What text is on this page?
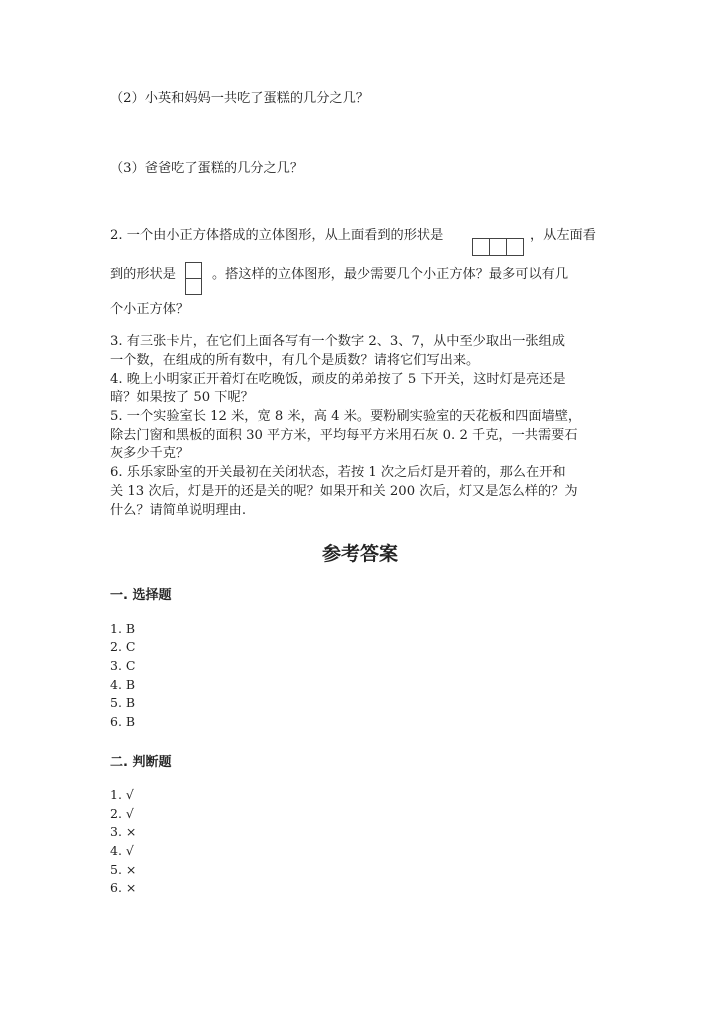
（2）小英和妈妈一共吃了蛋糕的几分之几？
（3）爸爸吃了蛋糕的几分之几？
2. 一个由小正方体搭成的立体图形，从上面看到的形状是	，从左面看
到的形状是	。搭这样的立体图形，最少需要几个小正方体？最多可以有几
个小正方体？
3. 有三张卡片，在它们上面各写有一个数字 2、3、7，从中至少取出一张组成
一个数，在组成的所有数中，有几个是质数？请将它们写出来。
4. 晚上小明家正开着灯在吃晚饭，顽皮的弟弟按了 5 下开关，这时灯是亮还是
暗？如果按了 50 下呢？
5. 一个实验室长 12 米，宽 8 米，高 4 米。要粉刷实验室的天花板和四面墙壁，
除去门窗和黑板的面积 30 平方米，平均每平方米用石灰 0. 2 千克，一共需要石
灰多少千克？
6. 乐乐家卧室的开关最初在关闭状态，若按 1 次之后灯是开着的，那么在开和
关 13 次后，灯是开的还是关的呢？如果开和关 200 次后，灯又是怎么样的？为
什么？请简单说明理由.
参考答案
一. 选择题
1. B
2. C
3. C
4. B
5. B
6. B
二. 判断题
1. √
2. √
3. ×
4. √
5. ×
6. ×
